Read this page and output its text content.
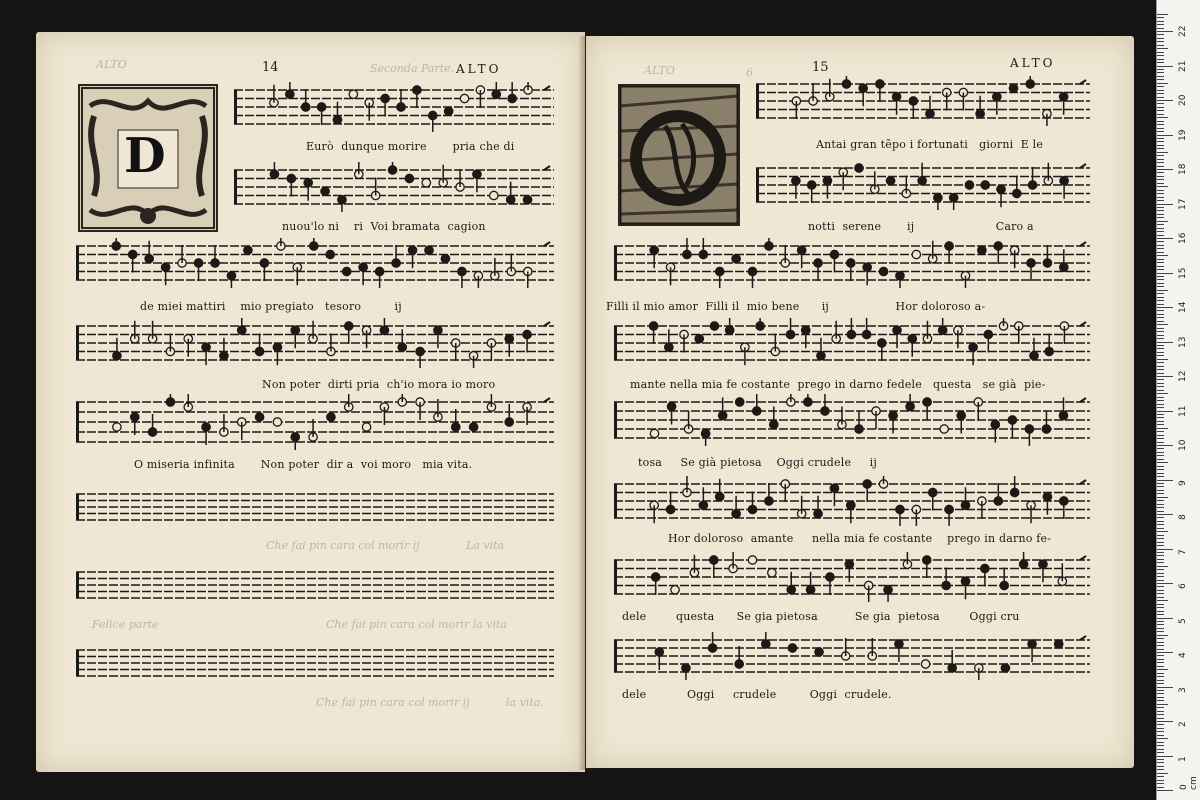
ALTO	Seconda Parte.
14	ALTO
D	Eurò  dunque morire       pria che di
nuou'lo ni    ri  Voi bramata  cagion
de miei mattiri    mio pregiato   tesoro         ij
Non poter  dirti pria  ch'io mora io moro
O miseria infinita       Non poter  dir a  voi moro   mia vita.
Che fai pin cara col morir ij	La vita
Felice parte	Che fai pin cara col morir la vita
Che fai pin cara col morir ij	la vita.
ALTO	6	15	ALTO
Antai gran tẽpo i fortunati   giorni  E le
notti  serene       ij                      Caro a
Filli il mio amor  Filli il  mio bene      ij                  Hor doloroso a-
mante nella mia fe costante  prego in darno fedele   questa   se già  pie-
tosa     Se già pietosa    Oggi crudele     ij
Hor doloroso  amante     nella mia fe costante    prego in darno fe-
dele        questa      Se gia pietosa          Se gia  pietosa        Oggi cru
dele           Oggi     crudele         Oggi  crudele.
0 cm
1
2
3
4
5
6
7
8
9
10
11
12
13
14
15
16
17
18
19
20
21
22
